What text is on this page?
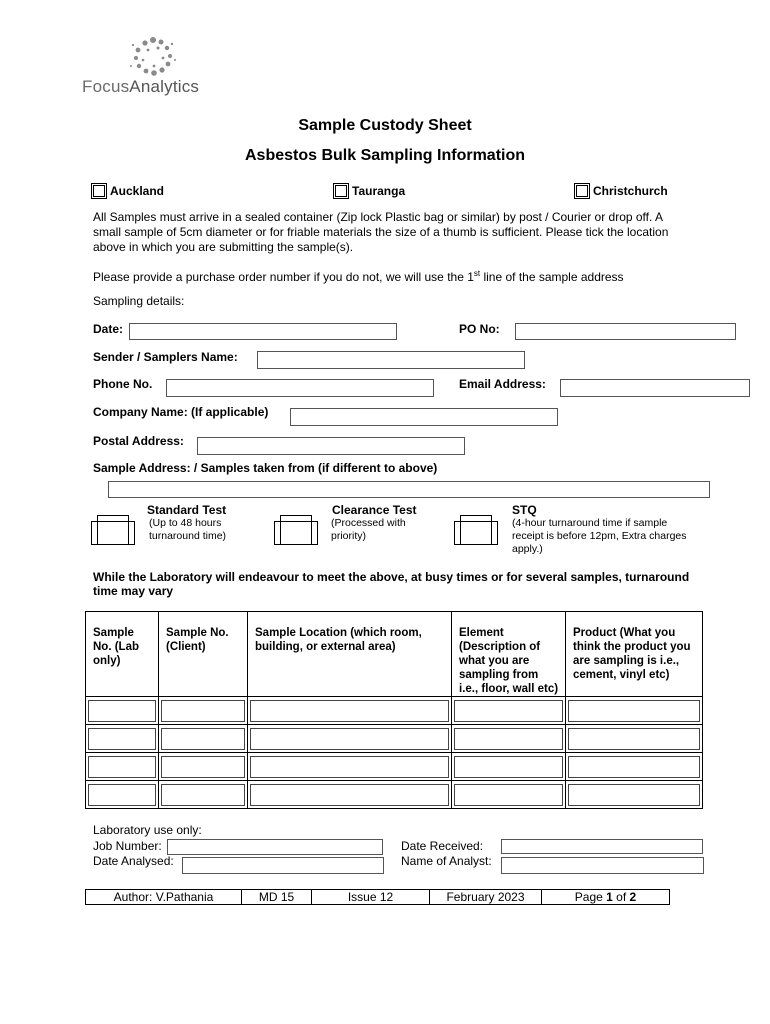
FocusAnalytics
Sample Custody Sheet
Asbestos Bulk Sampling Information
Auckland	Tauranga	Christchurch
All Samples must arrive in a sealed container (Zip lock Plastic bag or similar) by post / Courier or drop off. A small sample of 5cm diameter or for friable materials the size of a thumb is sufficient. Please tick the location above in which you are submitting the sample(s).
Please provide a purchase order number if you do not, we will use the 1st line of the sample address
Sampling details:
Date:	PO No:
Sender / Samplers Name:
Phone No.	Email Address:
Company Name: (If applicable)
Postal Address:
Sample Address: / Samples taken from (if different to above)
Standard Test
(Up to 48 hours turnaround time)
Clearance Test
(Processed with priority)
STQ
(4-hour turnaround time if sample receipt is before 12pm, Extra charges apply.)
While the Laboratory will endeavour to meet the above, at busy times or for several samples, turnaround time may vary
Sample No. (Lab only)	Sample No. (Client)	Sample Location (which room, building, or external area)	Element (Description of what you are sampling from i.e., floor, wall etc)	Product (What you think the product you are sampling is i.e., cement, vinyl etc)

Laboratory use only:
Job Number:
Date Analysed:
Date Received:
Name of Analyst:
Author: V.Pathania	MD 15	Issue 12	February 2023	Page 1 of 2
